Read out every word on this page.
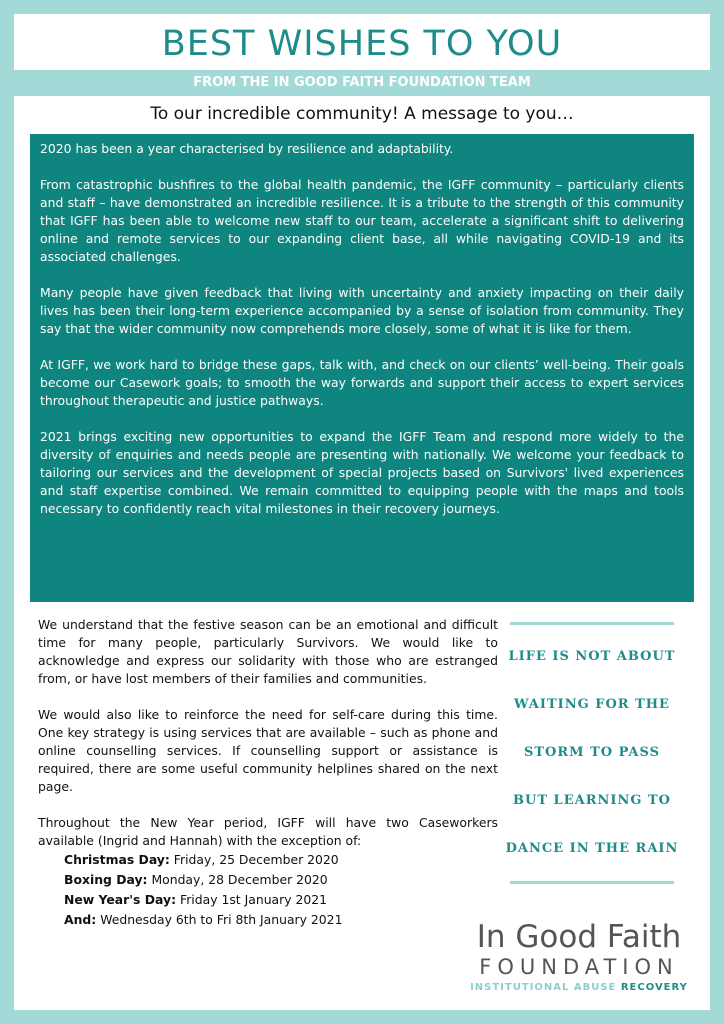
BEST WISHES TO YOU
FROM THE IN GOOD FAITH FOUNDATION TEAM
To our incredible community! A message to you…

2020 has been a year characterised by resilience and adaptability.

From catastrophic bushfires to the global health pandemic, the IGFF community – particularly clients and staff – have demonstrated an incredible resilience. It is a tribute to the strength of this community that IGFF has been able to welcome new staff to our team, accelerate a significant shift to delivering online and remote services to our expanding client base, all while navigating COVID-19 and its associated challenges.

Many people have given feedback that living with uncertainty and anxiety impacting on their daily lives has been their long-term experience accompanied by a sense of isolation from community. They say that the wider community now comprehends more closely, some of what it is like for them.

At IGFF, we work hard to bridge these gaps, talk with, and check on our clients’ well-being. Their goals become our Casework goals; to smooth the way forwards and support their access to expert services throughout therapeutic and justice pathways.

2021 brings exciting new opportunities to expand the IGFF Team and respond more widely to the diversity of enquiries and needs people are presenting with nationally. We welcome your feedback to tailoring our services and the development of special projects based on Survivors' lived experiences and staff expertise combined. We remain committed to equipping people with the maps and tools necessary to confidently reach vital milestones in their recovery journeys.

We understand that the festive season can be an emotional and difficult time for many people, particularly Survivors. We would like to acknowledge and express our solidarity with those who are estranged from, or have lost members of their families and communities.

We would also like to reinforce the need for self-care during this time. One key strategy is using services that are available – such as phone and online counselling services. If counselling support or assistance is required, there are some useful community helplines shared on the next page.

Throughout the New Year period, IGFF will have two Caseworkers available (Ingrid and Hannah) with the exception of:

Christmas Day: Friday, 25 December 2020
Boxing Day: Monday, 28 December 2020
New Year's Day: Friday 1st January 2021
And: Wednesday 6th to Fri 8th January 2021
LIFE IS NOT ABOUT
WAITING FOR THE
STORM TO PASS
BUT LEARNING TO
DANCE IN THE RAIN
In Good Faith
FOUNDATION
INSTITUTIONAL ABUSE RECOVERY
